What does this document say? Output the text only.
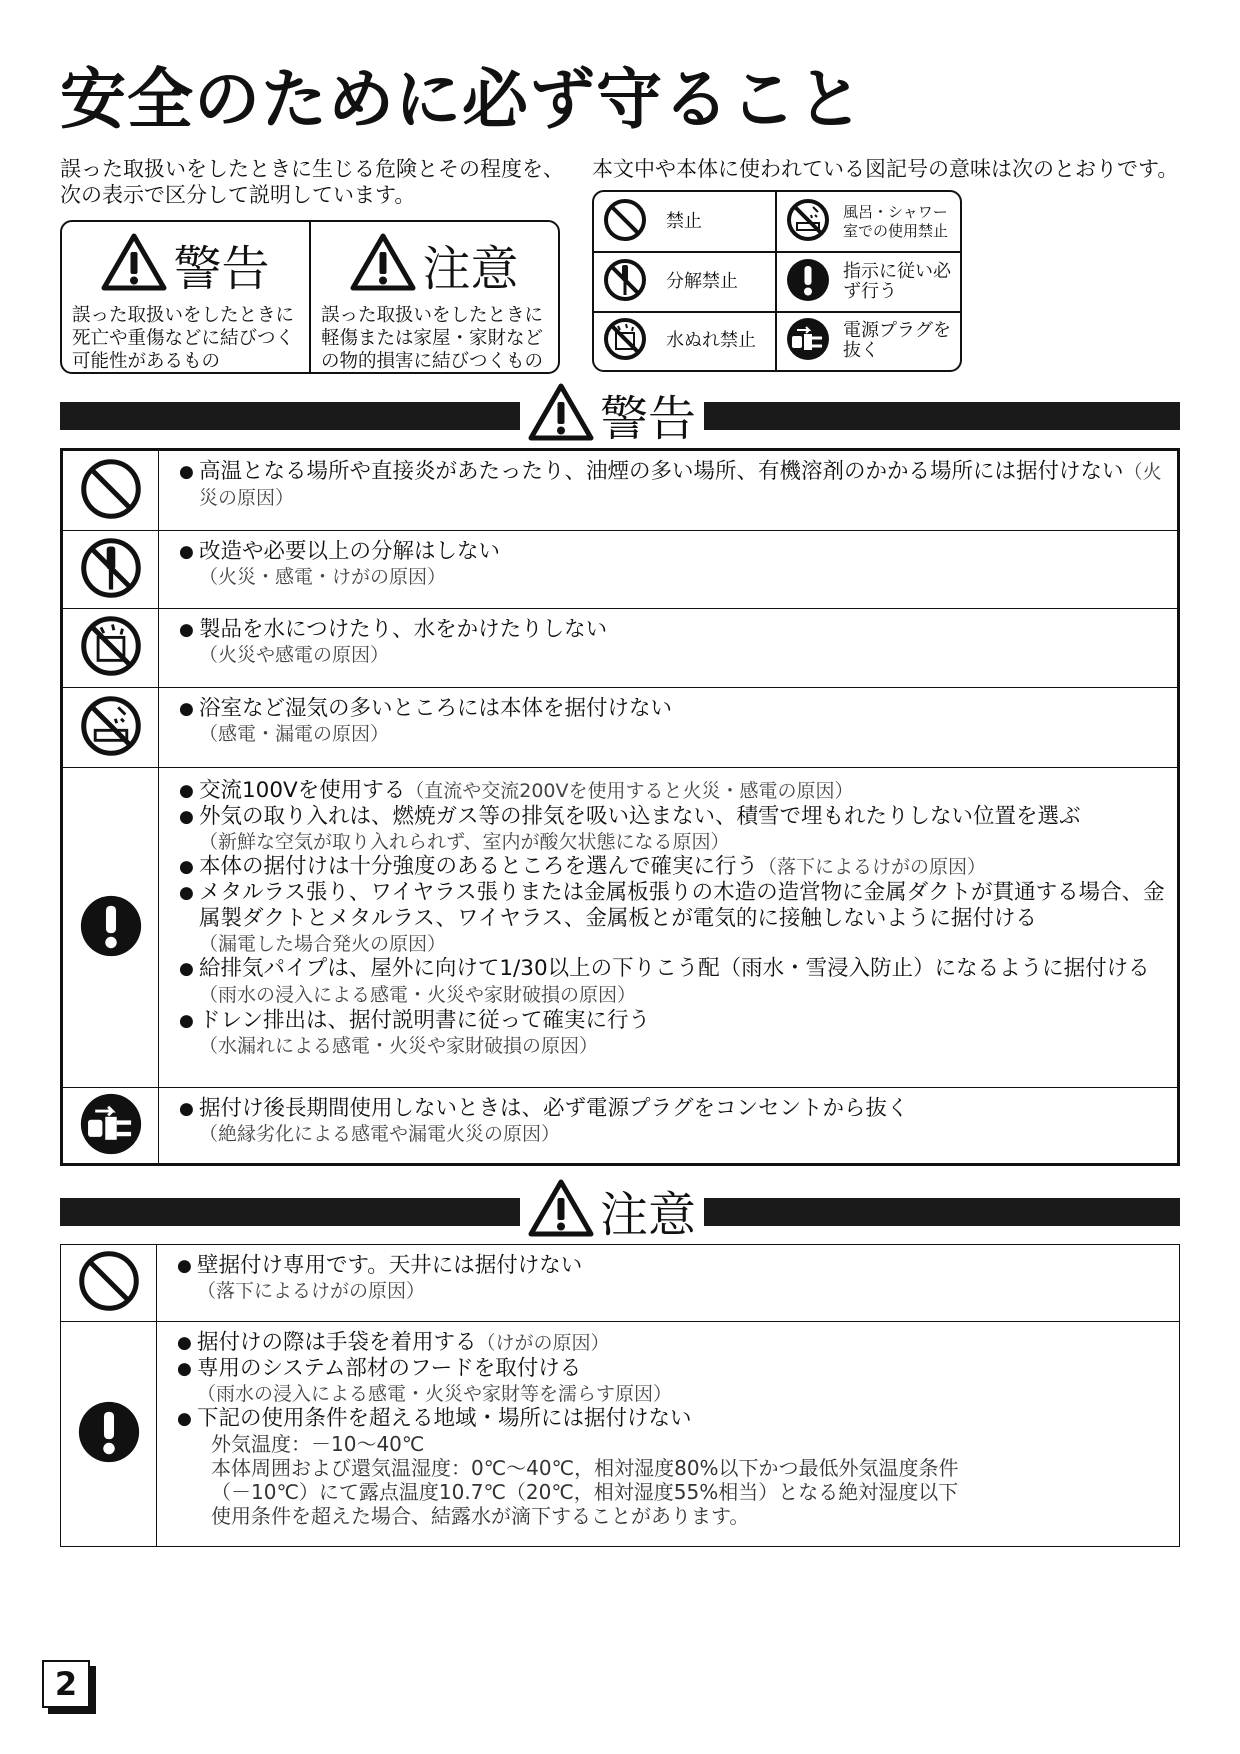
安全のために必ず守ること
誤った取扱いをしたときに生じる危険とその程度を、次の表示で区分して説明しています。
本文中や本体に使われている図記号の意味は次のとおりです。
警告
誤った取扱いをしたときに
死亡や重傷などに結びつく
可能性があるもの
注意
誤った取扱いをしたときに
軽傷または家屋・家財など
の物的損害に結びつくもの
禁止	風呂・シャワー室での使用禁止
分解禁止	指示に従い必ず行う
水ぬれ禁止	電源プラグを抜く
警告
● 高温となる場所や直接炎があたったり、油煙の多い場所、有機溶剤のかかる場所には据付けない（火災の原因）
● 改造や必要以上の分解はしない
（火災・感電・けがの原因）
● 製品を水につけたり、水をかけたりしない
（火災や感電の原因）
● 浴室など湿気の多いところには本体を据付けない
（感電・漏電の原因）
● 交流100Vを使用する（直流や交流200Vを使用すると火災・感電の原因）
● 外気の取り入れは、燃焼ガス等の排気を吸い込まない、積雪で埋もれたりしない位置を選ぶ
（新鮮な空気が取り入れられず、室内が酸欠状態になる原因）
● 本体の据付けは十分強度のあるところを選んで確実に行う（落下によるけがの原因）
● メタルラス張り、ワイヤラス張りまたは金属板張りの木造の造営物に金属ダクトが貫通する場合、金属製ダクトとメタルラス、ワイヤラス、金属板とが電気的に接触しないように据付ける
（漏電した場合発火の原因）
● 給排気パイプは、屋外に向けて1/30以上の下りこう配（雨水・雪浸入防止）になるように据付ける（雨水の浸入による感電・火災や家財破損の原因）
● ドレン排出は、据付説明書に従って確実に行う
（水漏れによる感電・火災や家財破損の原因）
● 据付け後長期間使用しないときは、必ず電源プラグをコンセントから抜く
（絶縁劣化による感電や漏電火災の原因）
注意
● 壁据付け専用です。天井には据付けない
（落下によるけがの原因）
● 据付けの際は手袋を着用する（けがの原因）
● 専用のシステム部材のフードを取付ける
（雨水の浸入による感電・火災や家財等を濡らす原因）
● 下記の使用条件を超える地域・場所には据付けない
外気温度：－10～40℃
本体周囲および還気温湿度：0℃～40℃，相対湿度80%以下かつ最低外気温度条件
（－10℃）にて露点温度10.7℃（20℃，相対湿度55%相当）となる絶対湿度以下
使用条件を超えた場合、結露水が滴下することがあります。
2
